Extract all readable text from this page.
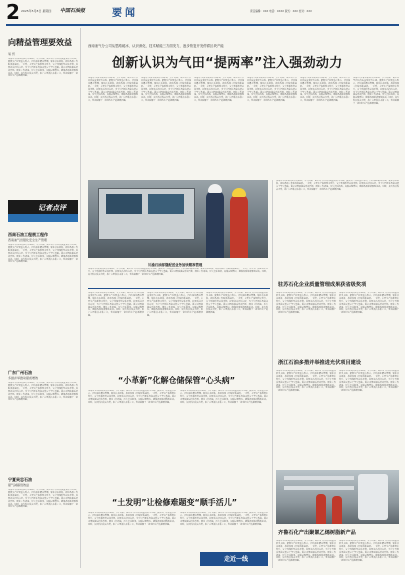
2 2025年5月8日 星期四 中国石油报	要闻	责任编辑：XXX 电话：XXXX 版式：XXX 校对：XXX
向精益管理要效益
易 忻
本报讯 记者从相关单位获悉，今年以来，该公司坚持以高质量发展为主线，聚焦生产经营重点难点，持续深化精益管理，强化技术创新，推动各项工作取得新进展。一季度，主要生产指标稳中有升，安全环保形势总体平稳，经营效益持续向好，为全年目标任务完成奠定了坚实基础。该公司围绕提质增效目标，细化工作措施，压实责任链条，加强过程管控，确保各项举措落地见效。同时，加大科技攻关力度，推广应用新技术新工艺，有效破解了一批制约生产的瓶颈问题。
记者点评
西南石油工程展工程作
西南油气田强化安全生产管理
本报讯 记者从相关单位获悉，今年以来，该公司坚持以高质量发展为主线，聚焦生产经营重点难点，持续深化精益管理，强化技术创新，推动各项工作取得新进展。一季度，主要生产指标稳中有升，安全环保形势总体平稳，经营效益持续向好，为全年目标任务完成奠定了坚实基础。该公司围绕提质增效目标，细化工作措施，压实责任链条，加强过程管控，确保各项举措落地见效。同时，加大科技攻关力度，推广应用新技术新工艺，有效破解了一批制约生产的瓶颈问题。
广东广州石油
多措并举推动提质增效
本报讯 记者从相关单位获悉，今年以来，该公司坚持以高质量发展为主线，聚焦生产经营重点难点，持续深化精益管理，强化技术创新，推动各项工作取得新进展。一季度，主要生产指标稳中有升，安全环保形势总体平稳，经营效益持续向好，为全年目标任务完成奠定了坚实基础。该公司围绕提质增效目标，细化工作措施，压实责任链条，加强过程管控，确保各项举措落地见效。同时，加大科技攻关力度，推广应用新技术新工艺，有效破解了一批制约生产的瓶颈问题。
宁夏吴忠石油
提气减碳创效益
本报讯 记者从相关单位获悉，今年以来，该公司坚持以高质量发展为主线，聚焦生产经营重点难点，持续深化精益管理，强化技术创新，推动各项工作取得新进展。一季度，主要生产指标稳中有升，安全环保形势总体平稳，经营效益持续向好，为全年目标任务完成奠定了坚实基础。该公司围绕提质增效目标，细化工作措施，压实责任链条，加强过程管控，确保各项举措落地见效。同时，加大科技攻关力度，推广应用新技术新工艺，有效破解了一批制约生产的瓶颈问题。
西南油气分公司从思路破冰、认识深化、技术赋能三方面发力，逐步恢复开发停滞区块产能
创新认识为气田“提两率”注入强劲动力
本报讯 记者从相关单位获悉，今年以来，该公司坚持以高质量发展为主线，聚焦生产经营重点难点，持续深化精益管理，强化技术创新，推动各项工作取得新进展。一季度，主要生产指标稳中有升，安全环保形势总体平稳，经营效益持续向好，为全年目标任务完成奠定了坚实基础。该公司围绕提质增效目标，细化工作措施，压实责任链条，加强过程管控，确保各项举措落地见效。同时，加大科技攻关力度，推广应用新技术新工艺，有效破解了一批制约生产的瓶颈问题。
本报讯 记者从相关单位获悉，今年以来，该公司坚持以高质量发展为主线，聚焦生产经营重点难点，持续深化精益管理，强化技术创新，推动各项工作取得新进展。一季度，主要生产指标稳中有升，安全环保形势总体平稳，经营效益持续向好，为全年目标任务完成奠定了坚实基础。该公司围绕提质增效目标，细化工作措施，压实责任链条，加强过程管控，确保各项举措落地见效。同时，加大科技攻关力度，推广应用新技术新工艺，有效破解了一批制约生产的瓶颈问题。
本报讯 记者从相关单位获悉，今年以来，该公司坚持以高质量发展为主线，聚焦生产经营重点难点，持续深化精益管理，强化技术创新，推动各项工作取得新进展。一季度，主要生产指标稳中有升，安全环保形势总体平稳，经营效益持续向好，为全年目标任务完成奠定了坚实基础。该公司围绕提质增效目标，细化工作措施，压实责任链条，加强过程管控，确保各项举措落地见效。同时，加大科技攻关力度，推广应用新技术新工艺，有效破解了一批制约生产的瓶颈问题。
本报讯 记者从相关单位获悉，今年以来，该公司坚持以高质量发展为主线，聚焦生产经营重点难点，持续深化精益管理，强化技术创新，推动各项工作取得新进展。一季度，主要生产指标稳中有升，安全环保形势总体平稳，经营效益持续向好，为全年目标任务完成奠定了坚实基础。该公司围绕提质增效目标，细化工作措施，压实责任链条，加强过程管控，确保各项举措落地见效。同时，加大科技攻关力度，推广应用新技术新工艺，有效破解了一批制约生产的瓶颈问题。
本报讯 记者从相关单位获悉，今年以来，该公司坚持以高质量发展为主线，聚焦生产经营重点难点，持续深化精益管理，强化技术创新，推动各项工作取得新进展。一季度，主要生产指标稳中有升，安全环保形势总体平稳，经营效益持续向好，为全年目标任务完成奠定了坚实基础。该公司围绕提质增效目标，细化工作措施，压实责任链条，加强过程管控，确保各项举措落地见效。同时，加大科技攻关力度，推广应用新技术新工艺，有效破解了一批制约生产的瓶颈问题。
本报讯 记者从相关单位获悉，今年以来，该公司坚持以高质量发展为主线，聚焦生产经营重点难点，持续深化精益管理，强化技术创新，推动各项工作取得新进展。一季度，主要生产指标稳中有升，安全环保形势总体平稳，经营效益持续向好，为全年目标任务完成奠定了坚实基础。该公司围绕提质增效目标，细化工作措施，压实责任链条，加强过程管控，确保各项举措落地见效。同时，加大科技攻关力度，推广应用新技术新工艺，有效破解了一批制约生产的瓶颈问题。
川渝石油部继配送业务加快精准管理
本报讯 记者从相关单位获悉，今年以来，该公司坚持以高质量发展为主线，聚焦生产经营重点难点，持续深化精益管理，强化技术创新，推动各项工作取得新进展。一季度，主要生产指标稳中有升，安全环保形势总体平稳，经营效益持续向好，为全年目标任务完成奠定了坚实基础。该公司围绕提质增效目标，细化工作措施，压实责任链条，加强过程管控，确保各项举措落地见效。同时，加大科技攻关力度，推广应用新技术新工艺，有效破解了一批制约生产的瓶颈问题。
本报讯 记者从相关单位获悉，今年以来，该公司坚持以高质量发展为主线，聚焦生产经营重点难点，持续深化精益管理，强化技术创新，推动各项工作取得新进展。一季度，主要生产指标稳中有升，安全环保形势总体平稳，经营效益持续向好，为全年目标任务完成奠定了坚实基础。该公司围绕提质增效目标，细化工作措施，压实责任链条，加强过程管控，确保各项举措落地见效。同时，加大科技攻关力度，推广应用新技术新工艺，有效破解了一批制约生产的瓶颈问题。
本报讯 记者从相关单位获悉，今年以来，该公司坚持以高质量发展为主线，聚焦生产经营重点难点，持续深化精益管理，强化技术创新，推动各项工作取得新进展。一季度，主要生产指标稳中有升，安全环保形势总体平稳，经营效益持续向好，为全年目标任务完成奠定了坚实基础。该公司围绕提质增效目标，细化工作措施，压实责任链条，加强过程管控，确保各项举措落地见效。同时，加大科技攻关力度，推广应用新技术新工艺，有效破解了一批制约生产的瓶颈问题。
本报讯 记者从相关单位获悉，今年以来，该公司坚持以高质量发展为主线，聚焦生产经营重点难点，持续深化精益管理，强化技术创新，推动各项工作取得新进展。一季度，主要生产指标稳中有升，安全环保形势总体平稳，经营效益持续向好，为全年目标任务完成奠定了坚实基础。该公司围绕提质增效目标，细化工作措施，压实责任链条，加强过程管控，确保各项举措落地见效。同时，加大科技攻关力度，推广应用新技术新工艺，有效破解了一批制约生产的瓶颈问题。
“小革新”化解仓储保管“心头病”
本报讯 记者从相关单位获悉，今年以来，该公司坚持以高质量发展为主线，聚焦生产经营重点难点，持续深化精益管理，强化技术创新，推动各项工作取得新进展。一季度，主要生产指标稳中有升，安全环保形势总体平稳，经营效益持续向好，为全年目标任务完成奠定了坚实基础。该公司围绕提质增效目标，细化工作措施，压实责任链条，加强过程管控，确保各项举措落地见效。同时，加大科技攻关力度，推广应用新技术新工艺，有效破解了一批制约生产的瓶颈问题。
本报讯 记者从相关单位获悉，今年以来，该公司坚持以高质量发展为主线，聚焦生产经营重点难点，持续深化精益管理，强化技术创新，推动各项工作取得新进展。一季度，主要生产指标稳中有升，安全环保形势总体平稳，经营效益持续向好，为全年目标任务完成奠定了坚实基础。该公司围绕提质增效目标，细化工作措施，压实责任链条，加强过程管控，确保各项举措落地见效。同时，加大科技攻关力度，推广应用新技术新工艺，有效破解了一批制约生产的瓶颈问题。
“土发明”让检修难题变“顺手活儿”
本报讯 记者从相关单位获悉，今年以来，该公司坚持以高质量发展为主线，聚焦生产经营重点难点，持续深化精益管理，强化技术创新，推动各项工作取得新进展。一季度，主要生产指标稳中有升，安全环保形势总体平稳，经营效益持续向好，为全年目标任务完成奠定了坚实基础。该公司围绕提质增效目标，细化工作措施，压实责任链条，加强过程管控，确保各项举措落地见效。同时，加大科技攻关力度，推广应用新技术新工艺，有效破解了一批制约生产的瓶颈问题。
本报讯 记者从相关单位获悉，今年以来，该公司坚持以高质量发展为主线，聚焦生产经营重点难点，持续深化精益管理，强化技术创新，推动各项工作取得新进展。一季度，主要生产指标稳中有升，安全环保形势总体平稳，经营效益持续向好，为全年目标任务完成奠定了坚实基础。该公司围绕提质增效目标，细化工作措施，压实责任链条，加强过程管控，确保各项举措落地见效。同时，加大科技攻关力度，推广应用新技术新工艺，有效破解了一批制约生产的瓶颈问题。
走近一线
本报讯 记者从相关单位获悉，今年以来，该公司坚持以高质量发展为主线，聚焦生产经营重点难点，持续深化精益管理，强化技术创新，推动各项工作取得新进展。一季度，主要生产指标稳中有升，安全环保形势总体平稳，经营效益持续向好，为全年目标任务完成奠定了坚实基础。该公司围绕提质增效目标，细化工作措施，压实责任链条，加强过程管控，确保各项举措落地见效。同时，加大科技攻关力度，推广应用新技术新工艺，有效破解了一批制约生产的瓶颈问题。
驻苏石化企业质量管理成果获省级奖项
本报讯 记者从相关单位获悉，今年以来，该公司坚持以高质量发展为主线，聚焦生产经营重点难点，持续深化精益管理，强化技术创新，推动各项工作取得新进展。一季度，主要生产指标稳中有升，安全环保形势总体平稳，经营效益持续向好，为全年目标任务完成奠定了坚实基础。该公司围绕提质增效目标，细化工作措施，压实责任链条，加强过程管控，确保各项举措落地见效。同时，加大科技攻关力度，推广应用新技术新工艺，有效破解了一批制约生产的瓶颈问题。
本报讯 记者从相关单位获悉，今年以来，该公司坚持以高质量发展为主线，聚焦生产经营重点难点，持续深化精益管理，强化技术创新，推动各项工作取得新进展。一季度，主要生产指标稳中有升，安全环保形势总体平稳，经营效益持续向好，为全年目标任务完成奠定了坚实基础。该公司围绕提质增效目标，细化工作措施，压实责任链条，加强过程管控，确保各项举措落地见效。同时，加大科技攻关力度，推广应用新技术新工艺，有效破解了一批制约生产的瓶颈问题。
浙江石油多措并举推进光伏项目建设
本报讯 记者从相关单位获悉，今年以来，该公司坚持以高质量发展为主线，聚焦生产经营重点难点，持续深化精益管理，强化技术创新，推动各项工作取得新进展。一季度，主要生产指标稳中有升，安全环保形势总体平稳，经营效益持续向好，为全年目标任务完成奠定了坚实基础。该公司围绕提质增效目标，细化工作措施，压实责任链条，加强过程管控，确保各项举措落地见效。同时，加大科技攻关力度，推广应用新技术新工艺，有效破解了一批制约生产的瓶颈问题。
本报讯 记者从相关单位获悉，今年以来，该公司坚持以高质量发展为主线，聚焦生产经营重点难点，持续深化精益管理，强化技术创新，推动各项工作取得新进展。一季度，主要生产指标稳中有升，安全环保形势总体平稳，经营效益持续向好，为全年目标任务完成奠定了坚实基础。该公司围绕提质增效目标，细化工作措施，压实责任链条，加强过程管控，确保各项举措落地见效。同时，加大科技攻关力度，推广应用新技术新工艺，有效破解了一批制约生产的瓶颈问题。
齐鲁石化产出聚氯乙烯树脂新产品
本报讯 记者从相关单位获悉，今年以来，该公司坚持以高质量发展为主线，聚焦生产经营重点难点，持续深化精益管理，强化技术创新，推动各项工作取得新进展。一季度，主要生产指标稳中有升，安全环保形势总体平稳，经营效益持续向好，为全年目标任务完成奠定了坚实基础。该公司围绕提质增效目标，细化工作措施，压实责任链条，加强过程管控，确保各项举措落地见效。同时，加大科技攻关力度，推广应用新技术新工艺，有效破解了一批制约生产的瓶颈问题。
本报讯 记者从相关单位获悉，今年以来，该公司坚持以高质量发展为主线，聚焦生产经营重点难点，持续深化精益管理，强化技术创新，推动各项工作取得新进展。一季度，主要生产指标稳中有升，安全环保形势总体平稳，经营效益持续向好，为全年目标任务完成奠定了坚实基础。该公司围绕提质增效目标，细化工作措施，压实责任链条，加强过程管控，确保各项举措落地见效。同时，加大科技攻关力度，推广应用新技术新工艺，有效破解了一批制约生产的瓶颈问题。
